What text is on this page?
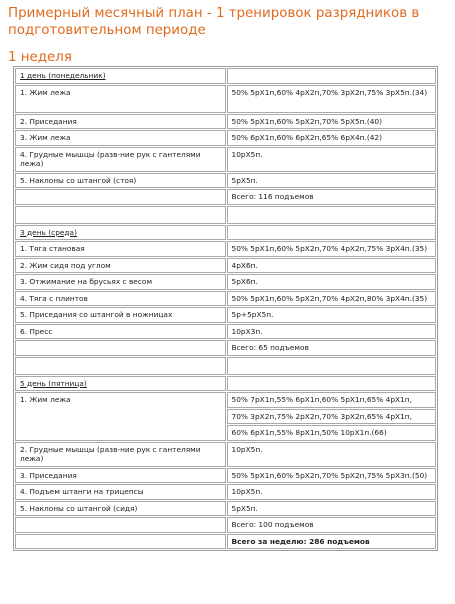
Примерный месячный план - 1 тренировок разрядников в подготовительном периоде
1 неделя
1 день (понедельник)	
1. Жим лежа	50% 5рX1п,60% 4рX2п,70% 3рX2п,75% 3рX5п.(34)
2. Приседания	50% 5рX1п,60% 5рX2п,70% 5рX5п.(40)
3. Жим лежа	50% 6рX1п,60% 6рX2п,65% 6рX4п.(42)
4. Грудные мышцы (разв-ние рук с гантелями лежа)	10рX5п.
5. Наклоны со штангой (стоя)	5рX5п.
	Всего: 116 подъемов

3 день (среда)	
1. Тяга становая	50% 5рX1п,60% 5рX2п,70% 4рX2п,75% 3рX4п.(35)
2. Жим сидя под углом	4рX6п.
3. Отжимание на брусьях с весом	5рX6п.
4. Тяга с плинтов	50% 5рX1п,60% 5рX2п,70% 4рX2п,80% 3рX4п.(35)
5. Приседания со штангой в ножницах	5р+5рX5п.
6. Пресс	10рX3п.
	Всего: 65 подъемов

5 день (пятница)	
1. Жим лежа	50% 7рX1п,55% 6рX1п,60% 5рX1п,65% 4рX1п,
	70% 3рX2п,75% 2рX2п,70% 3рX2п,65% 4рX1п,
	60% 6рX1п,55% 8рX1п,50% 10рX1п.(66)
2. Грудные мышцы (разв-ние рук с гантелями лежа)	10рX5п.
3. Приседания	50% 5рX1п,60% 5рX2п,70% 5рX2п,75% 5рX3п.(50)
4. Подъем штанги на трицепсы	10рX5п.
5. Наклоны со штангой (сидя)	5рX5п.
	Всего: 100 подъемов
	Всего за неделю: 286 подъемов
